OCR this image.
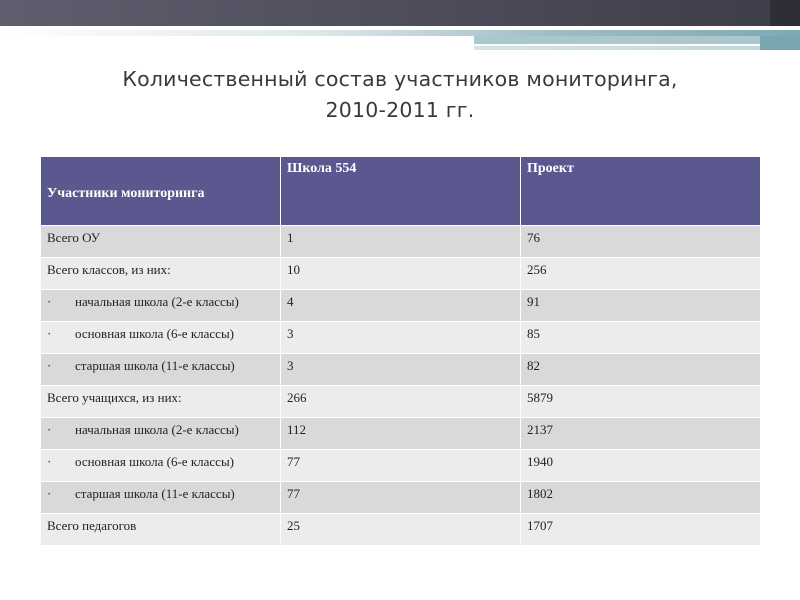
Количественный состав участников мониторинга,
2010-2011 гг.
Участники мониторинга	Школа 554	Проект
Всего ОУ	1	76
Всего классов, из них:	10	256
· начальная школа (2-е классы)	4	91
· основная школа (6-е классы)	3	85
· старшая школа (11-е классы)	3	82
Всего учащихся, из них:	266	5879
· начальная школа (2-е классы)	112	2137
· основная школа (6-е классы)	77	1940
· старшая школа (11-е классы)	77	1802
Всего педагогов	25	1707
